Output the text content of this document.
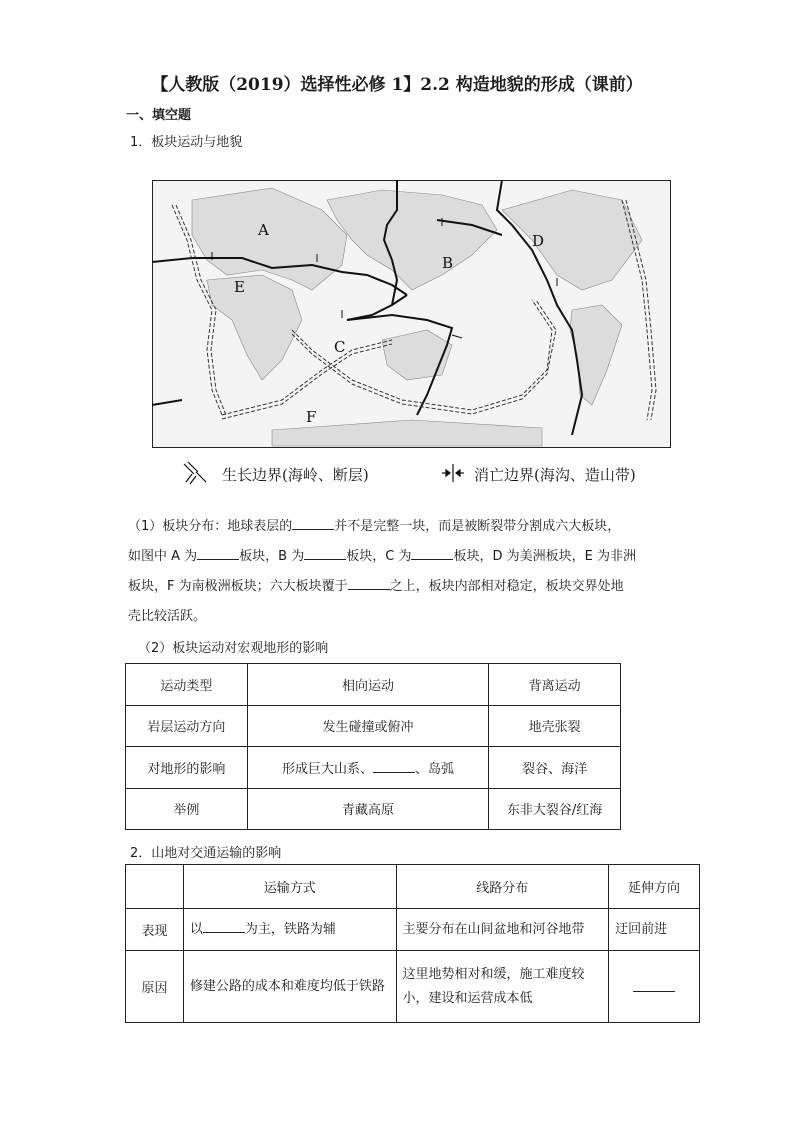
【人教版（2019）选择性必修 1】2.2 构造地貌的形成（课前）
一、填空题
1．板块运动与地貌
A
B
C
D
E
F
生长边界(海岭、断层)	消亡边界(海沟、造山带)

（1）板块分布：地球表层的	并不是完整一块，而是被断裂带分割成六大板块，

如图中 A 为	板块，B 为	板块，C 为	板块，D 为美洲板块，E 为非洲

板块，F 为南极洲板块；六大板块覆于	之上，板块内部相对稳定，板块交界处地

壳比较活跃。

（2）板块运动对宏观地形的影响
运动类型	相向运动	背离运动
岩层运动方向	发生碰撞或俯冲	地壳张裂
对地形的影响	形成巨大山系、 、岛弧	裂谷、海洋
举例	青藏高原	东非大裂谷/红海
2．山地对交通运输的影响
	运输方式	线路分布	延伸方向
表现	以 为主，铁路为辅	主要分布在山间盆地和河谷地带	迂回前进
原因	修建公路的成本和难度均低于铁路	这里地势相对和缓，施工难度较小，建设和运营成本低	
